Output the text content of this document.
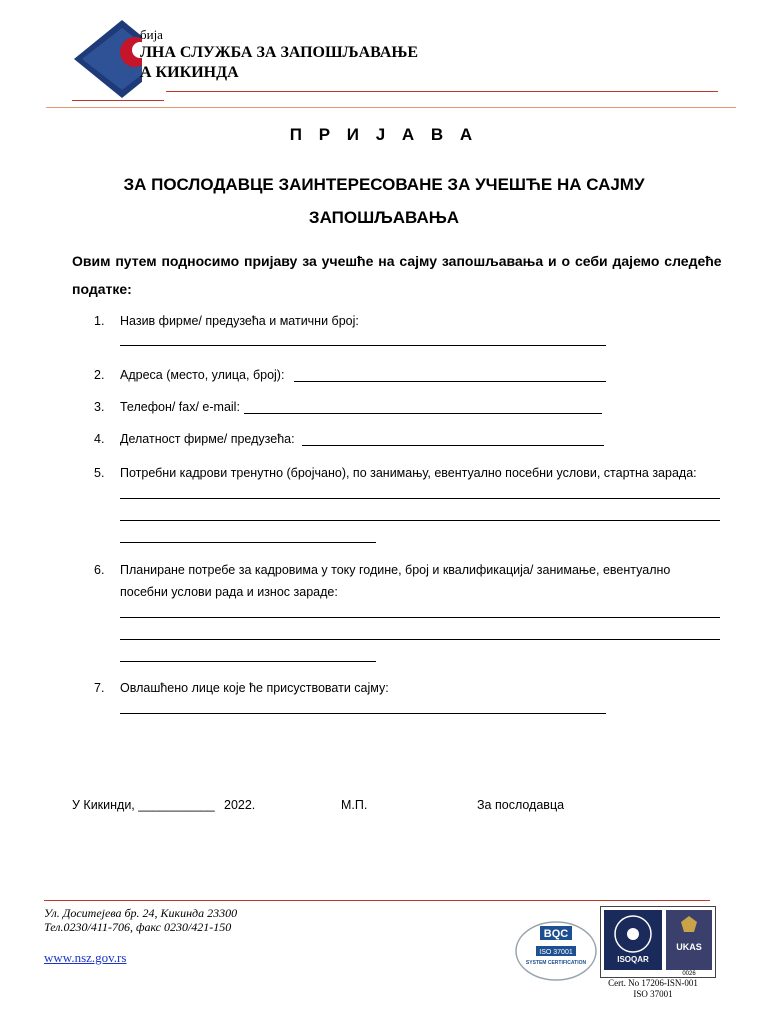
бија
ЛНА СЛУЖБА ЗА ЗАПОШЉАВАЊЕ
А КИКИНДА
П Р И Ј А В А
ЗА ПОСЛОДАВЦЕ ЗАИНТЕРЕСОВАНЕ ЗА УЧЕШЋЕ НА САЈМУ ЗАПОШЉАВАЊА
Овим путем подносимо пријаву за учешће на сајму запошљавања и о себи дајемо следеће податке:
1. Назив фирме/ предузећа и матични број:
2. Адреса (место, улица, број):
3. Телефон/ fax/ e-mail:
4. Делатност фирме/ предузећа:
5. Потребни кадрови тренутно (бројчано), по занимању, евентуално посебни услови, стартна зарада:
6. Планиране потребе за кадровима у току године, број и квалификација/ занимање, евентуално
посебни услови рада и износ зараде:
7. Овлашћено лице које ће присуствовати сајму:
У Кикинди, ___________ 2022.	М.П.	За послодавца
Ул. Доситејева бр. 24, Кикинда 23300
Тел.0230/411-706, факс 0230/421-150
www.nsz.gov.rs
BQC
ISO 37001
SYSTEM CERTIFICATION	ISOQAR
UKAS
0026
Cert. No 17206-ISN-001
ISO 37001
